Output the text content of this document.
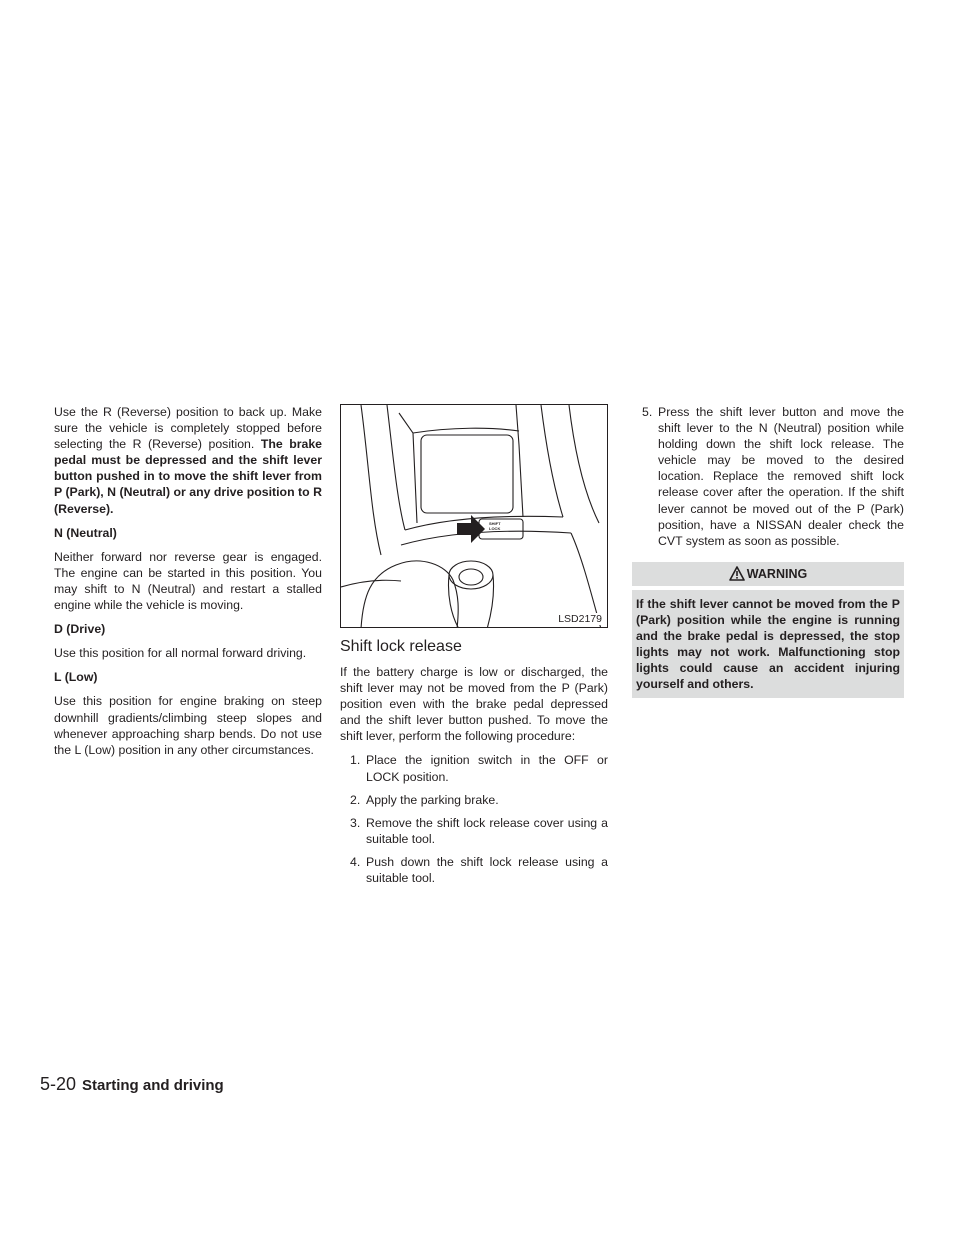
Use the R (Reverse) position to back up. Make sure the vehicle is completely stopped before selecting the R (Reverse) position. The brake pedal must be depressed and the shift lever button pushed in to move the shift lever from P (Park), N (Neutral) or any drive position to R (Reverse).

N (Neutral)

Neither forward nor reverse gear is engaged. The engine can be started in this position. You may shift to N (Neutral) and restart a stalled engine while the vehicle is moving.

D (Drive)

Use this position for all normal forward driving.

L (Low)

Use this position for engine braking on steep downhill gradients/climbing steep slopes and whenever approaching sharp bends. Do not use the L (Low) position in any other circumstances.

SHIFT
LOCK
LSD2179
Shift lock release

If the battery charge is low or discharged, the shift lever may not be moved from the P (Park) position even with the brake pedal depressed and the shift lever button pushed. To move the shift lever, perform the following procedure:

1. Place the ignition switch in the OFF or LOCK position.
2. Apply the parking brake.
3. Remove the shift lock release cover using a suitable tool.
4. Push down the shift lock release using a suitable tool.
5. Press the shift lever button and move the shift lever to the N (Neutral) position while holding down the shift lock release. The vehicle may be moved to the desired location. Replace the removed shift lock release cover after the operation. If the shift lever cannot be moved out of the P (Park) position, have a NISSAN dealer check the CVT system as soon as possible.
WARNING
If the shift lever cannot be moved from the P (Park) position while the engine is running and the brake pedal is depressed, the stop lights may not work. Malfunctioning stop lights could cause an accident injuring yourself and others.
5-20 Starting and driving
